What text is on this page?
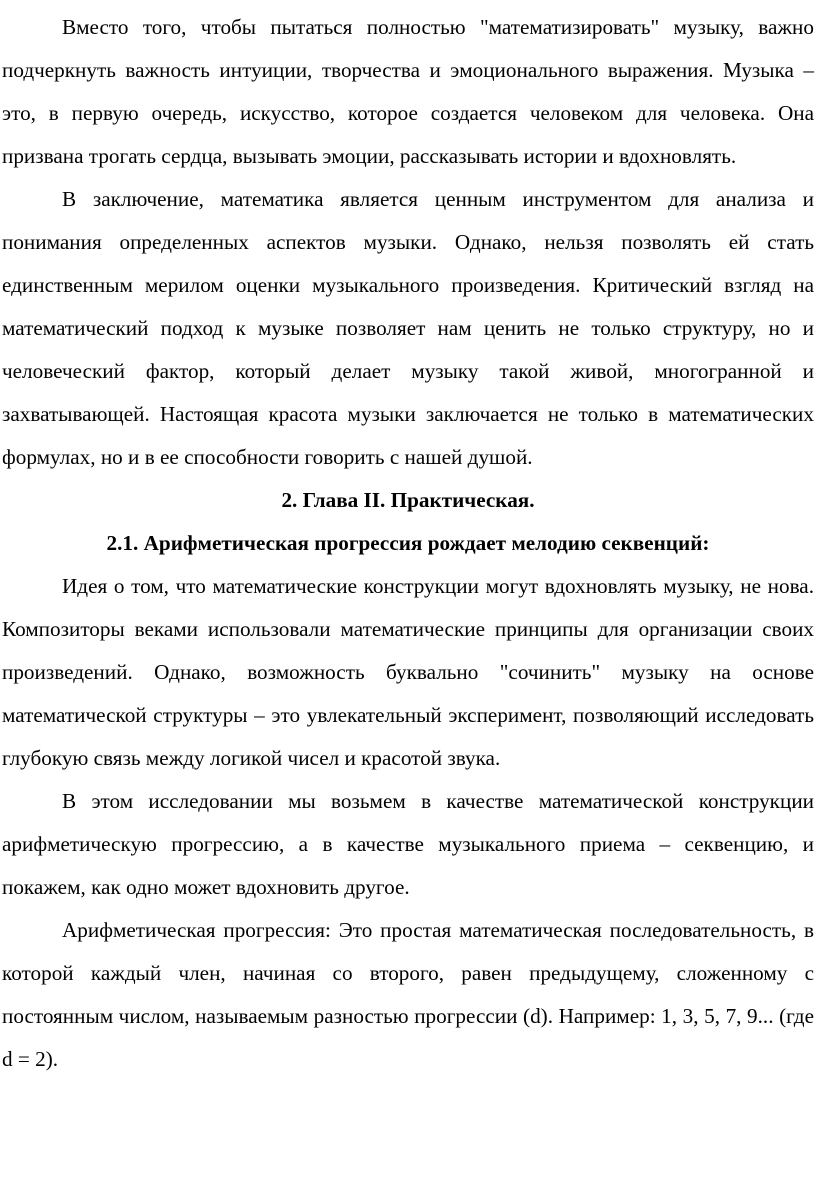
Вместо того, чтобы пытаться полностью "математизировать" музыку, важно подчеркнуть важность интуиции, творчества и эмоционального выражения. Музыка – это, в первую очередь, искусство, которое создается человеком для человека. Она призвана трогать сердца, вызывать эмоции, рассказывать истории и вдохновлять.

В заключение, математика является ценным инструментом для анализа и понимания определенных аспектов музыки. Однако, нельзя позволять ей стать единственным мерилом оценки музыкального произведения. Критический взгляд на математический подход к музыке позволяет нам ценить не только структуру, но и человеческий фактор, который делает музыку такой живой, многогранной и захватывающей. Настоящая красота музыки заключается не только в математических формулах, но и в ее способности говорить с нашей душой.

2. Глава II. Практическая.

2.1. Арифметическая прогрессия рождает мелодию секвенций:

Идея о том, что математические конструкции могут вдохновлять музыку, не нова. Композиторы веками использовали математические принципы для организации своих произведений. Однако, возможность буквально "сочинить" музыку на основе математической структуры – это увлекательный эксперимент, позволяющий исследовать глубокую связь между логикой чисел и красотой звука.

В этом исследовании мы возьмем в качестве математической конструкции арифметическую прогрессию, а в качестве музыкального приема – секвенцию, и покажем, как одно может вдохновить другое.

Арифметическая прогрессия: Это простая математическая последовательность, в которой каждый член, начиная со второго, равен предыдущему, сложенному с постоянным числом, называемым разностью прогрессии (d). Например: 1, 3, 5, 7, 9... (где d = 2).
